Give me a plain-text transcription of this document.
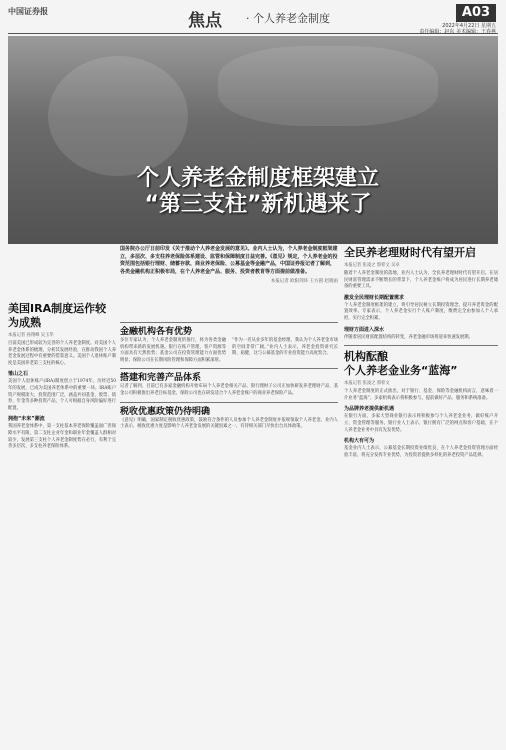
中国证券报	焦点 · 个人养老金制度	A03
2022年4月22日 星期五
责任编辑：赵东 美术编辑：王春燕
个人养老金制度框架建立
“第三支柱”新机遇来了
国务院办公厅日前印发《关于推动个人养老金发展的意见》。业内人士认为，个人养老金制度框架建立，多层次、多支柱养老保险体系建设、监管和保障制度日益完善。《意见》规定，个人养老金的投资范围包括银行理财、储蓄存款、商业养老保险、公募基金等金融产品，中国证券报记者了解到，各类金融机构正积极布局，在个人养老金产品、服务、投资者教育等方面提前做准备。
本报记者 欧阳剑环 王方圆 赵晓雨
美国IRA制度运作较为成熟
本报记者 孙翔峰 吴玉华
目前美国已形成较为完善的个人养老金制度。对美国个人养老金体系的梳理，分析其发展经验，在推动我国个人养老金发展过程中有重要的借鉴意义。美国个人退休账户制度是美国养老第三支柱的核心。
雏山之石
美国个人退休账户(IRA)制度创立于1974年，历经近50年的发展，已成为美国养老体系中的重要一环。IRA账户资产规模庞大，投资范围广泛，涵盖共同基金、股票、债券、年金等多种投资产品，个人可根据自身风险偏好进行配置。
拥抱“未来”潮流
我国养老金体系中，第一支柱基本养老保险覆盖面广但保障水平有限，第二支柱企业年金和职业年金覆盖人群相对较少，发展第三支柱个人养老金制度势在必行，有利于完善多层次、多支柱养老保险体系。
金融机构各有优势
多位专家认为，个人养老金制度的推行，将为各类金融机构带来新的发展机遇。银行在账户管理、客户资源等方面具有天然优势；基金公司在投资管理能力方面优势明显；保险公司在长期风险管理和保障方面积累深厚。
“作为一名从业多年的基金经理，我认为个人养老金市场的空间非常广阔。”业内人士表示，养老金投资讲究长期、稳健，这与公募基金的专业投资能力高度契合。
搭建和完善产品体系
记者了解到，目前已有多家金融机构开始布局个人养老金相关产品。银行理财子公司正加快研发养老理财产品，基金公司积极推出养老目标基金，保险公司也在研发适合个人养老金账户的商业养老保险产品。
税收优惠政策仍待明确
《意见》明确，国家制定税收优惠政策，鼓励符合条件的人员参加个人养老金制度并依规领取个人养老金。业内人士表示，税收优惠力度是影响个人养老金发展的关键因素之一，有待相关部门尽快出台具体政策。
全民养老理财时代有望开启
本报记者 张凌之 郭梓文 吴卓
随着个人养老金制度的落地，业内人士认为，全民养老理财时代有望开启。在居民财富管理需求不断增长的背景下，个人养老金账户将成为居民进行长期养老储备的重要工具。
激发全民理财长期配置需求
个人养老金制度框架的建立，将引导居民树立长期投资理念，提升养老资金的配置效率。专家表示，个人养老金实行个人账户制度，缴费完全由参加人个人承担，实行完全积累。
理财方面进入深水
伴随着居民财富配置结构的转变，养老金融市场将迎来快速发展期。
机构酝酿
个人养老金业务“蓝海”
本报记者 张凌之 郭梓文
个人养老金制度的正式推出，对于银行、基金、保险等金融机构而言，意味着一片业务“蓝海”。多家机构表示将积极参与，提前做好产品、服务和系统准备。
为品牌养老提供新机遇
在银行方面，多家大型商业银行表示将积极参与个人养老金业务，做好账户开立、资金管理等服务。银行业人士表示，银行拥有广泛的网点和客户基础，在个人养老金业务中具有先发优势。
机构大有可为
基金业内人士表示，公募基金长期投资业绩优良，在个人养老金投资管理方面经验丰富，将充分发挥专业优势，为投资者提供多样化的养老投资产品选择。
